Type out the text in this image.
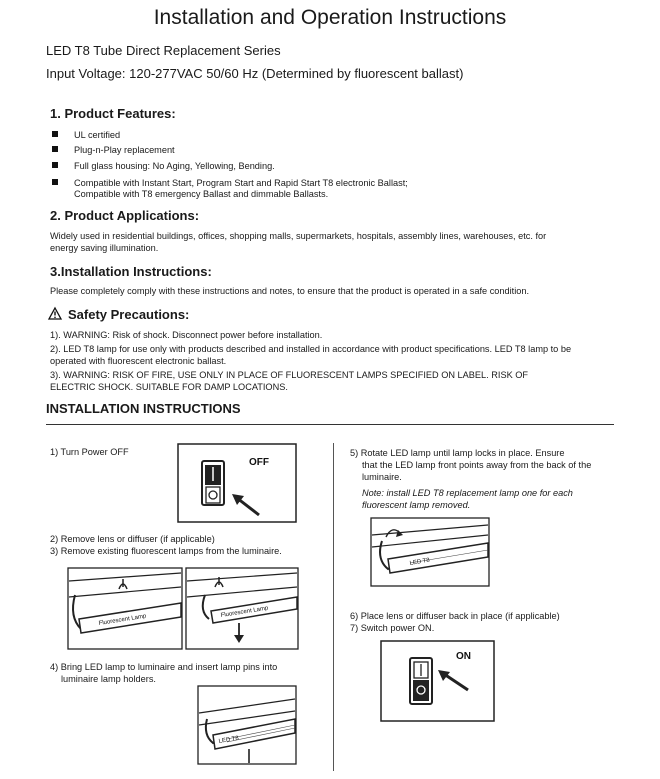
Installation and Operation Instructions
LED T8 Tube Direct Replacement Series
Input Voltage: 120-277VAC 50/60 Hz (Determined by fluorescent ballast)
1. Product Features:
UL certified
Plug-n-Play replacement
Full glass housing: No Aging, Yellowing, Bending.
Compatible with Instant Start, Program Start and Rapid Start T8 electronic Ballast;
Compatible with T8 emergency Ballast and dimmable Ballasts.
2. Product Applications:
Widely used in residential buildings, offices, shopping malls, supermarkets, hospitals, assembly lines, warehouses, etc. for
energy saving illumination.
3.Installation Instructions:
Please completely comply with these instructions and notes, to ensure that the product is operated in a safe condition.
Safety Precautions:
1). WARNING: Risk of shock. Disconnect power before installation.
2). LED T8 lamp for use only with products described and installed in accordance with product specifications. LED T8 lamp to be
operated with fluorescent electronic ballast.
3). WARNING: RISK OF FIRE, USE ONLY IN PLACE OF FLUORESCENT LAMPS SPECIFIED ON LABEL. RISK OF
ELECTRIC SHOCK. SUITABLE FOR DAMP LOCATIONS.
INSTALLATION INSTRUCTIONS
1) Turn Power OFF
OFF
2) Remove lens or diffuser (if applicable)
3) Remove existing fluorescent lamps from the luminaire.
Fluorescent Lamp
Fluorescent Lamp
4) Bring LED lamp to luminaire and insert lamp pins into
luminaire lamp holders.
LED T8
5) Rotate LED lamp until lamp locks in place. Ensure
that the LED lamp front points away from the back of the
luminaire.
Note: install LED T8 replacement lamp one for each
fluorescent lamp removed.
LED T8
6) Place lens or diffuser back in place (if applicable)
7) Switch power ON.
ON
